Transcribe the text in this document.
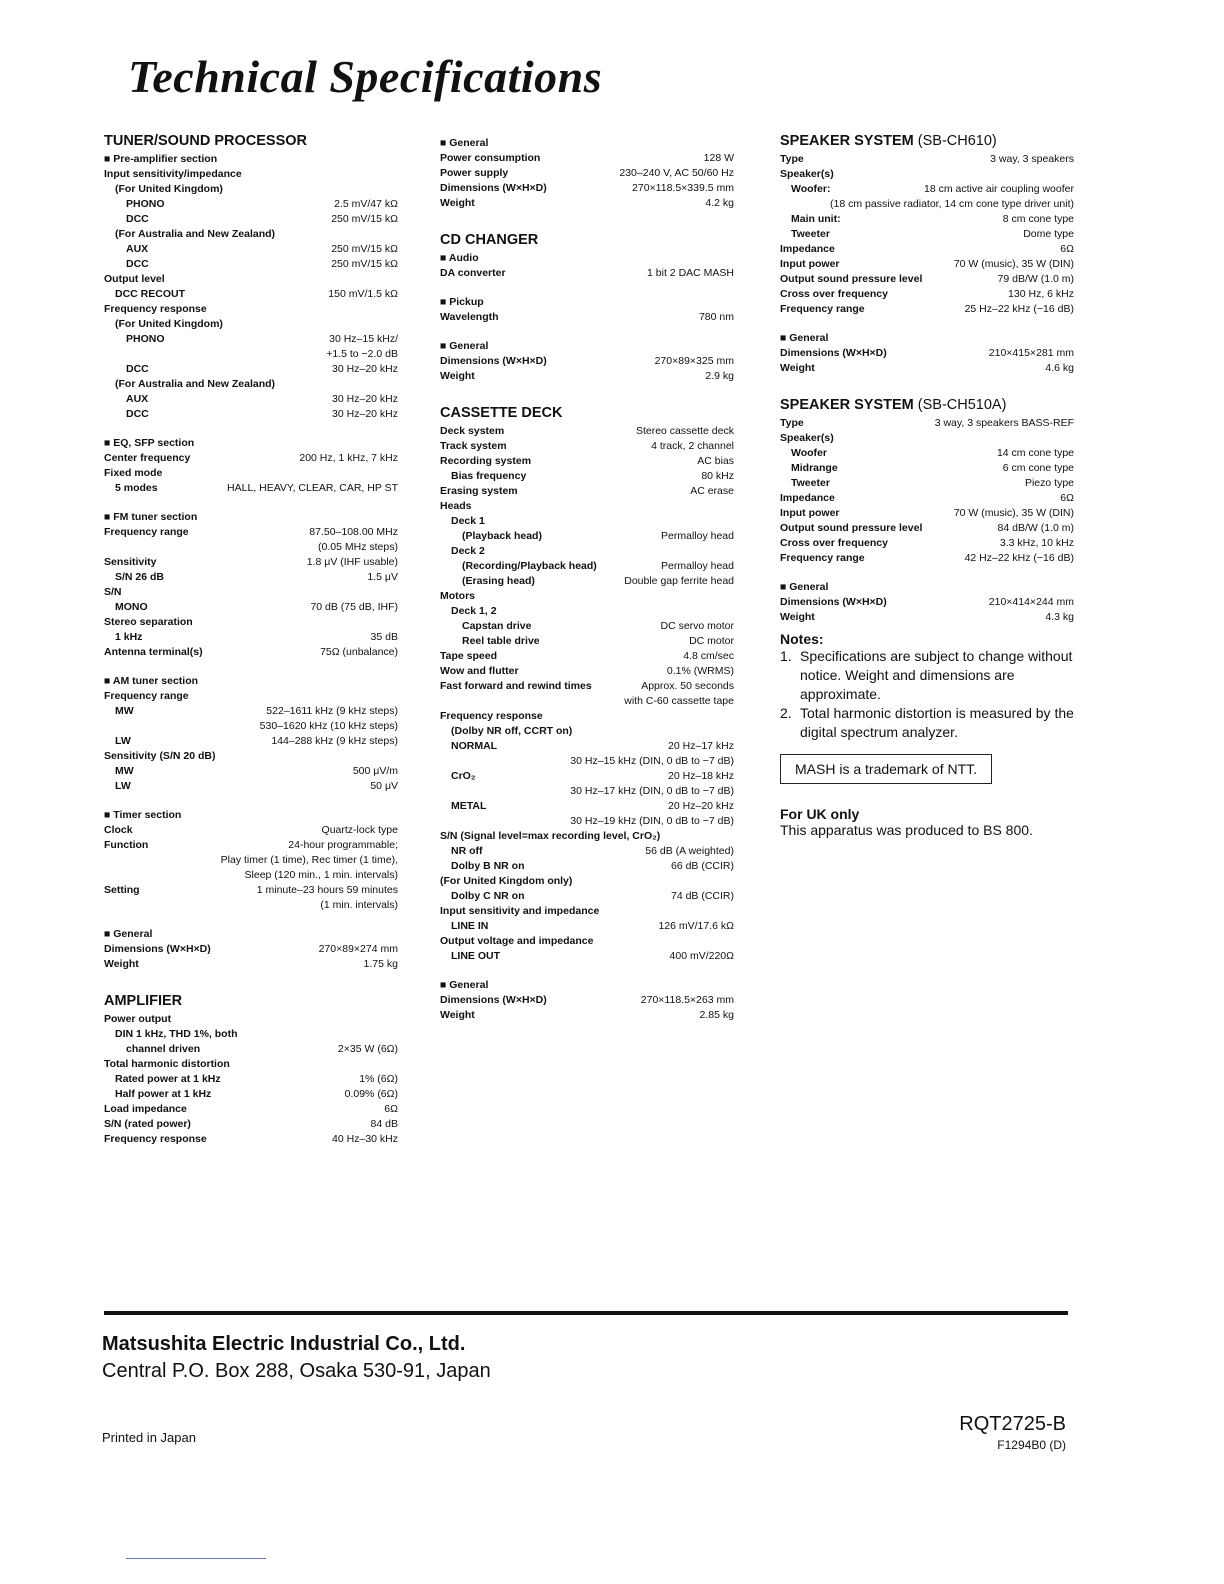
Technical Specifications
TUNER/SOUND PROCESSOR
■ Pre-amplifier section
Input sensitivity/impedance
(For United Kingdom)
PHONO	2.5 mV/47 kΩ
DCC	250 mV/15 kΩ
(For Australia and New Zealand)
AUX	250 mV/15 kΩ
DCC	250 mV/15 kΩ
Output level
DCC RECOUT	150 mV/1.5 kΩ
Frequency response
(For United Kingdom)
PHONO	30 Hz–15 kHz/
+1.5 to −2.0 dB
DCC	30 Hz–20 kHz
(For Australia and New Zealand)
AUX	30 Hz–20 kHz
DCC	30 Hz–20 kHz
■ EQ, SFP section
Center frequency	200 Hz, 1 kHz, 7 kHz
Fixed mode
5 modes	HALL, HEAVY, CLEAR, CAR, HP ST
■ FM tuner section
Frequency range	87.50–108.00 MHz
(0.05 MHz steps)
Sensitivity	1.8 μV (IHF usable)
S/N 26 dB	1.5 μV
S/N
MONO	70 dB (75 dB, IHF)
Stereo separation
1 kHz	35 dB
Antenna terminal(s)	75Ω (unbalance)
■ AM tuner section
Frequency range
MW	522–1611 kHz (9 kHz steps)
530–1620 kHz (10 kHz steps)
LW	144–288 kHz (9 kHz steps)
Sensitivity (S/N 20 dB)
MW	500 μV/m
LW	50 μV
■ Timer section
Clock	Quartz-lock type
Function	24-hour programmable;
Play timer (1 time), Rec timer (1 time),
Sleep (120 min., 1 min. intervals)
Setting	1 minute–23 hours 59 minutes
(1 min. intervals)
■ General
Dimensions (W×H×D)	270×89×274 mm
Weight	1.75 kg
AMPLIFIER
Power output
DIN 1 kHz, THD 1%, both
channel driven	2×35 W (6Ω)
Total harmonic distortion
Rated power at 1 kHz	1% (6Ω)
Half power at 1 kHz	0.09% (6Ω)
Load impedance	6Ω
S/N (rated power)	84 dB
Frequency response	40 Hz–30 kHz
■ General
Power consumption	128 W
Power supply	230–240 V, AC 50/60 Hz
Dimensions (W×H×D)	270×118.5×339.5 mm
Weight	4.2 kg
CD CHANGER
■ Audio
DA converter	1 bit 2 DAC MASH
■ Pickup
Wavelength	780 nm
■ General
Dimensions (W×H×D)	270×89×325 mm
Weight	2.9 kg
CASSETTE DECK
Deck system	Stereo cassette deck
Track system	4 track, 2 channel
Recording system	AC bias
Bias frequency	80 kHz
Erasing system	AC erase
Heads
Deck 1
(Playback head)	Permalloy head
Deck 2
(Recording/Playback head)	Permalloy head
(Erasing head)	Double gap ferrite head
Motors
Deck 1, 2
Capstan drive	DC servo motor
Reel table drive	DC motor
Tape speed	4.8 cm/sec
Wow and flutter	0.1% (WRMS)
Fast forward and rewind times	Approx. 50 seconds
with C-60 cassette tape
Frequency response
(Dolby NR off, CCRT on)
NORMAL	20 Hz–17 kHz
30 Hz–15 kHz (DIN, 0 dB to −7 dB)
CrO₂	20 Hz–18 kHz
30 Hz–17 kHz (DIN, 0 dB to −7 dB)
METAL	20 Hz–20 kHz
30 Hz–19 kHz (DIN, 0 dB to −7 dB)
S/N (Signal level=max recording level, CrO₂)
NR off	56 dB (A weighted)
Dolby B NR on	66 dB (CCIR)
(For United Kingdom only)
Dolby C NR on	74 dB (CCIR)
Input sensitivity and impedance
LINE IN	126 mV/17.6 kΩ
Output voltage and impedance
LINE OUT	400 mV/220Ω
■ General
Dimensions (W×H×D)	270×118.5×263 mm
Weight	2.85 kg
SPEAKER SYSTEM (SB-CH610)
Type	3 way, 3 speakers
Speaker(s)
Woofer:	18 cm active air coupling woofer
(18 cm passive radiator, 14 cm cone type driver unit)
Main unit:	8 cm cone type
Tweeter	Dome type
Impedance	6Ω
Input power	70 W (music), 35 W (DIN)
Output sound pressure level	79 dB/W (1.0 m)
Cross over frequency	130 Hz, 6 kHz
Frequency range	25 Hz–22 kHz (−16 dB)
■ General
Dimensions (W×H×D)	210×415×281 mm
Weight	4.6 kg
SPEAKER SYSTEM (SB-CH510A)
Type	3 way, 3 speakers BASS-REF
Speaker(s)
Woofer	14 cm cone type
Midrange	6 cm cone type
Tweeter	Piezo type
Impedance	6Ω
Input power	70 W (music), 35 W (DIN)
Output sound pressure level	84 dB/W (1.0 m)
Cross over frequency	3.3 kHz, 10 kHz
Frequency range	42 Hz–22 kHz (−16 dB)
■ General
Dimensions (W×H×D)	210×414×244 mm
Weight	4.3 kg
Notes:
1. Specifications are subject to change without notice. Weight and dimensions are approximate.
2. Total harmonic distortion is measured by the digital spectrum analyzer.
MASH is a trademark of NTT.
For UK only
This apparatus was produced to BS 800.
Matsushita Electric Industrial Co., Ltd.
Central P.O. Box 288, Osaka 530-91, Japan
Printed in Japan
RQT2725-B
F1294B0 (D)
